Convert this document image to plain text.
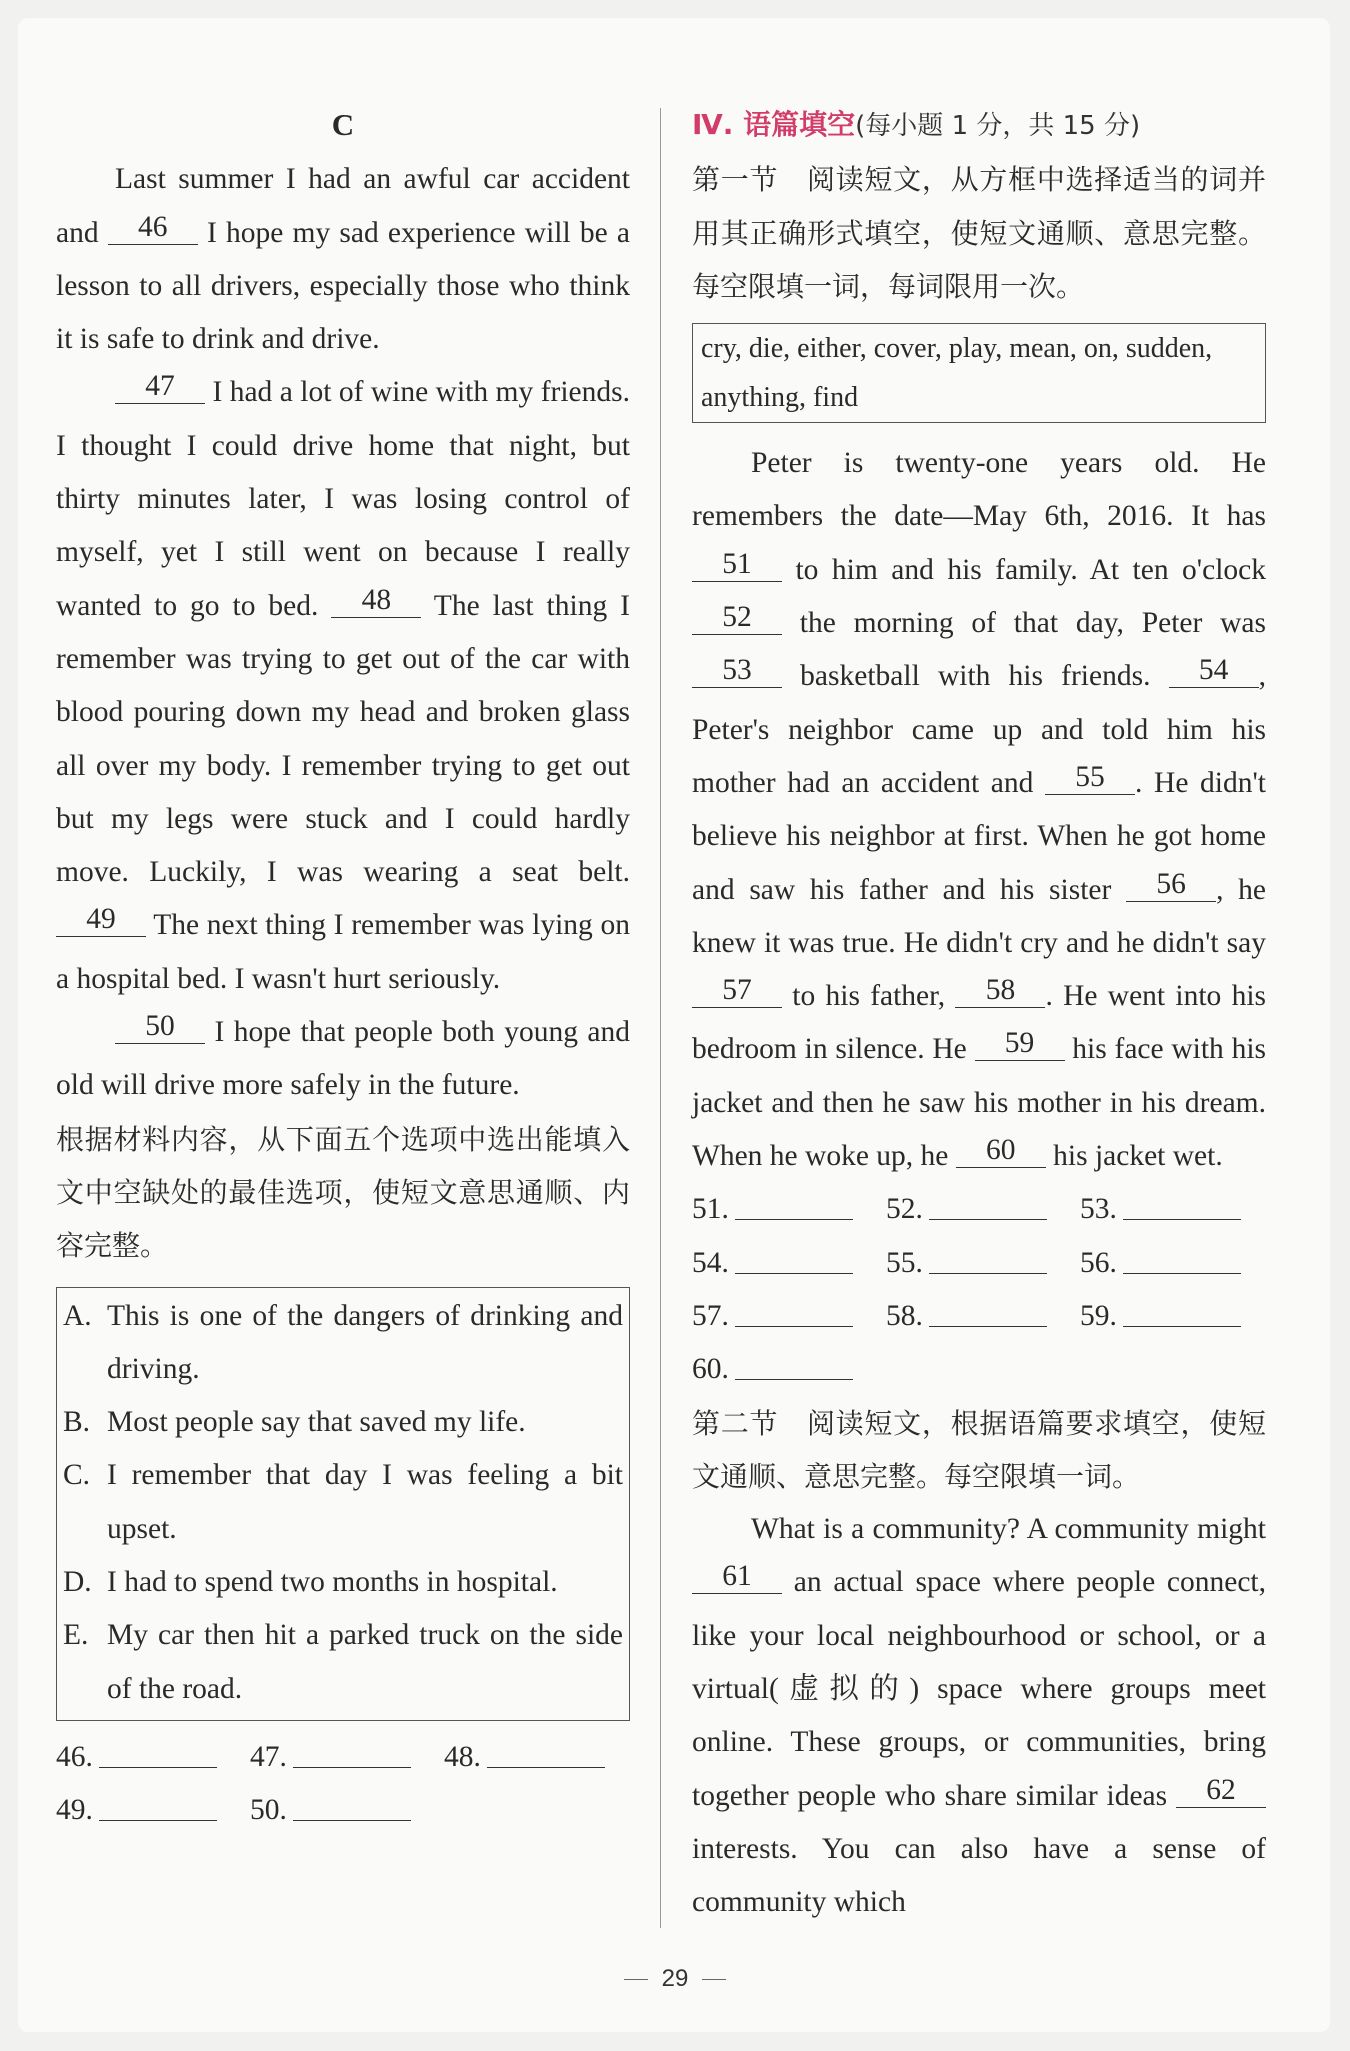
C

Last summer I had an awful car accident and 46 I hope my sad experience will be a lesson to all drivers, especially those who think it is safe to drink and drive.

47 I had a lot of wine with my friends. I thought I could drive home that night, but thirty minutes later, I was losing control of myself, yet I still went on because I really wanted to go to bed. 48 The last thing I remember was trying to get out of the car with blood pouring down my head and broken glass all over my body. I remember trying to get out but my legs were stuck and I could hardly move. Luckily, I was wearing a seat belt. 49 The next thing I remember was lying on a hospital bed. I wasn't hurt seriously.

50 I hope that people both young and old will drive more safely in the future.

根据材料内容，从下面五个选项中选出能填入文中空缺处的最佳选项，使短文意思通顺、内容完整。

A. This is one of the dangers of drinking and driving.
B. Most people say that saved my life.
C. I remember that day I was feeling a bit upset.
D. I had to spend two months in hospital.
E. My car then hit a parked truck on the side of the road.
46.	47.	48.
49.	50.
Ⅳ. 语篇填空(每小题 1 分，共 15 分)

第一节　阅读短文，从方框中选择适当的词并用其正确形式填空，使短文通顺、意思完整。每空限填一词，每词限用一次。

cry, die, either, cover, play, mean, on, sudden, anything, find

Peter is twenty-one years old. He remembers the date—May 6th, 2016. It has 51 to him and his family. At ten o'clock 52 the morning of that day, Peter was 53 basketball with his friends. 54 , Peter's neighbor came up and told him his mother had an accident and 55 . He didn't believe his neighbor at first. When he got home and saw his father and his sister 56 , he knew it was true. He didn't cry and he didn't say 57 to his father, 58 . He went into his bedroom in silence. He 59 his face with his jacket and then he saw his mother in his dream. When he woke up, he 60 his jacket wet.

51.	52.	53.
54.	55.	56.
57.	58.	59.
60.

第二节　阅读短文，根据语篇要求填空，使短文通顺、意思完整。每空限填一词。

What is a community? A community might 61 an actual space where people connect, like your local neighbourhood or school, or a virtual(虚拟的) space where groups meet online. These groups, or communities, bring together people who share similar ideas 62 interests. You can also have a sense of community which

29
